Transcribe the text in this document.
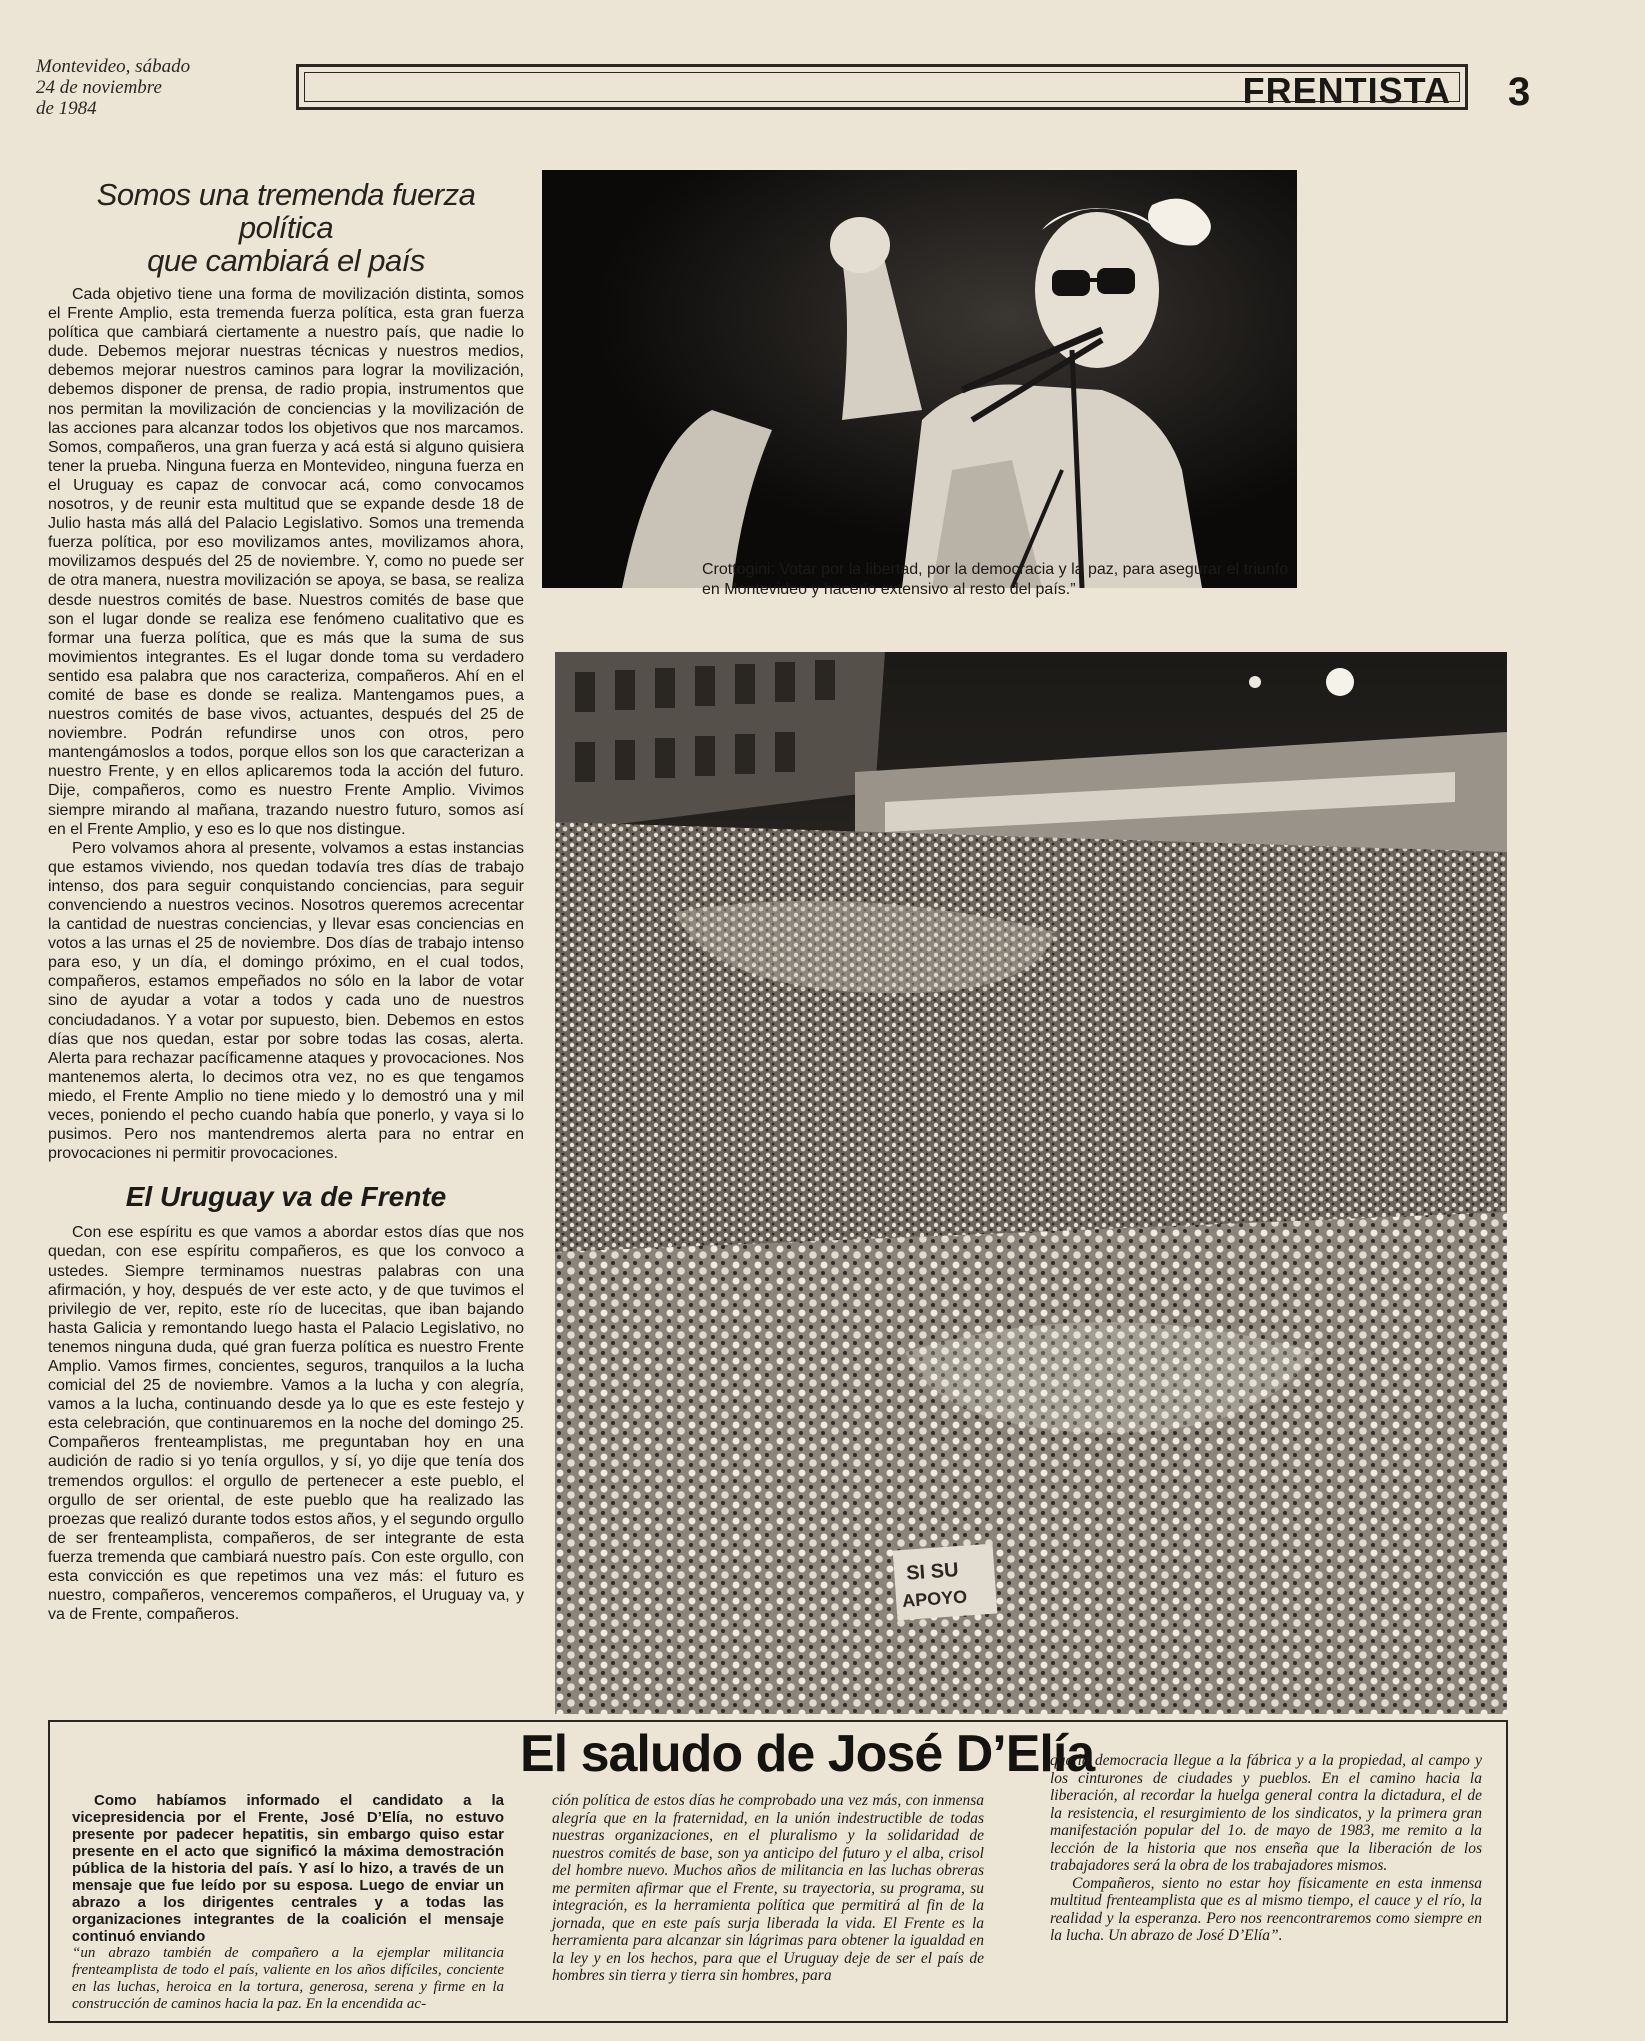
Montevideo, sábado
24 de noviembre
de 1984	FRENTISTA 3
Somos una tremenda fuerza política
que cambiará el país

Cada objetivo tiene una forma de movilización distinta, somos el Frente Amplio, esta tremenda fuerza política, esta gran fuerza política que cambiará ciertamente a nuestro país, que nadie lo dude. Debemos mejorar nuestras técnicas y nuestros medios, debemos mejorar nuestros caminos para lograr la movilización, debemos disponer de prensa, de radio propia, instrumentos que nos permitan la movilización de conciencias y la movilización de las acciones para alcanzar todos los objetivos que nos marcamos. Somos, compañeros, una gran fuerza y acá está si alguno quisiera tener la prueba. Ninguna fuerza en Montevideo, ninguna fuerza en el Uruguay es capaz de convocar acá, como convocamos nosotros, y de reunir esta multitud que se expande desde 18 de Julio hasta más allá del Palacio Legislativo. Somos una tremenda fuerza política, por eso movilizamos antes, movilizamos ahora, movilizamos después del 25 de noviembre. Y, como no puede ser de otra manera, nuestra movilización se apoya, se basa, se realiza desde nuestros comités de base. Nuestros comités de base que son el lugar donde se realiza ese fenómeno cualitativo que es formar una fuerza política, que es más que la suma de sus movimientos integrantes. Es el lugar donde toma su verdadero sentido esa palabra que nos caracteriza, compañeros. Ahí en el comité de base es donde se realiza. Mantengamos pues, a nuestros comités de base vivos, actuantes, después del 25 de noviembre. Podrán refundirse unos con otros, pero mantengámoslos a todos, porque ellos son los que caracterizan a nuestro Frente, y en ellos aplicaremos toda la acción del futuro. Dije, compañeros, como es nuestro Frente Amplio. Vivimos siempre mirando al mañana, trazando nuestro futuro, somos así en el Frente Amplio, y eso es lo que nos distingue.

Pero volvamos ahora al presente, volvamos a estas instancias que estamos viviendo, nos quedan todavía tres días de trabajo intenso, dos para seguir conquistando conciencias, para seguir convenciendo a nuestros vecinos. Nosotros queremos acrecentar la cantidad de nuestras conciencias, y llevar esas conciencias en votos a las urnas el 25 de noviembre. Dos días de trabajo intenso para eso, y un día, el domingo próximo, en el cual todos, compañeros, estamos empeñados no sólo en la labor de votar sino de ayudar a votar a todos y cada uno de nuestros conciudadanos. Y a votar por supuesto, bien. Debemos en estos días que nos quedan, estar por sobre todas las cosas, alerta. Alerta para rechazar pacíficamenne ataques y provocaciones. Nos mantenemos alerta, lo decimos otra vez, no es que tengamos miedo, el Frente Amplio no tiene miedo y lo demostró una y mil veces, poniendo el pecho cuando había que ponerlo, y vaya si lo pusimos. Pero nos mantendremos alerta para no entrar en provocaciones ni permitir provocaciones.

El Uruguay va de Frente

Con ese espíritu es que vamos a abordar estos días que nos quedan, con ese espíritu compañeros, es que los convoco a ustedes. Siempre terminamos nuestras palabras con una afirmación, y hoy, después de ver este acto, y de que tuvimos el privilegio de ver, repito, este río de lucecitas, que iban bajando hasta Galicia y remontando luego hasta el Palacio Legislativo, no tenemos ninguna duda, qué gran fuerza política es nuestro Frente Amplio. Vamos firmes, concientes, seguros, tranquilos a la lucha comicial del 25 de noviembre. Vamos a la lucha y con alegría, vamos a la lucha, continuando desde ya lo que es este festejo y esta celebración, que continuaremos en la noche del domingo 25. Compañeros frenteamplistas, me preguntaban hoy en una audición de radio si yo tenía orgullos, y sí, yo dije que tenía dos tremendos orgullos: el orgullo de pertenecer a este pueblo, el orgullo de ser oriental, de este pueblo que ha realizado las proezas que realizó durante todos estos años, y el segundo orgullo de ser frenteamplista, compañeros, de ser integrante de esta fuerza tremenda que cambiará nuestro país. Con este orgullo, con esta convicción es que repetimos una vez más: el futuro es nuestro, compañeros, venceremos compañeros, el Uruguay va, y va de Frente, compañeros.

Crottogini: Votar por la libertad, por la democracia y la paz, para asegurar el triunfo en Montevideo y hacerlo extensivo al resto del país.”
SI SU
APOYO
El saludo de José D’Elía

Como habíamos informado el candidato a la vicepresidencia por el Frente, José D’Elía, no estuvo presente por padecer hepatitis, sin embargo quiso estar presente en el acto que significó la máxima demostración pública de la historia del país. Y así lo hizo, a través de un mensaje que fue leído por su esposa. Luego de enviar un abrazo a los dirigentes centrales y a todas las organizaciones integrantes de la coalición el mensaje continuó enviando

“un abrazo también de compañero a la ejemplar militancia frenteamplista de todo el país, valiente en los años difíciles, conciente en las luchas, heroica en la tortura, generosa, serena y firme en la construcción de caminos hacia la paz. En la encendida ac-

ción política de estos días he comprobado una vez más, con inmensa alegría que en la fraternidad, en la unión indestructible de todas nuestras organizaciones, en el pluralismo y la solidaridad de nuestros comités de base, son ya anticipo del futuro y el alba, crisol del hombre nuevo. Muchos años de militancia en las luchas obreras me permiten afirmar que el Frente, su trayectoria, su programa, su integración, es la herramienta política que permitirá al fin de la jornada, que en este país surja liberada la vida. El Frente es la herramienta para alcanzar sin lágrimas para obtener la igualdad en la ley y en los hechos, para que el Uruguay deje de ser el país de hombres sin tierra y tierra sin hombres, para

que la democracia llegue a la fábrica y a la propiedad, al campo y los cinturones de ciudades y pueblos. En el camino hacia la liberación, al recordar la huelga general contra la dictadura, el de la resistencia, el resurgimiento de los sindicatos, y la primera gran manifestación popular del 1o. de mayo de 1983, me remito a la lección de la historia que nos enseña que la liberación de los trabajadores será la obra de los trabajadores mismos.

Compañeros, siento no estar hoy físicamente en esta inmensa multitud frenteamplista que es al mismo tiempo, el cauce y el río, la realidad y la esperanza. Pero nos reencontraremos como siempre en la lucha. Un abrazo de José D’Elía”.
